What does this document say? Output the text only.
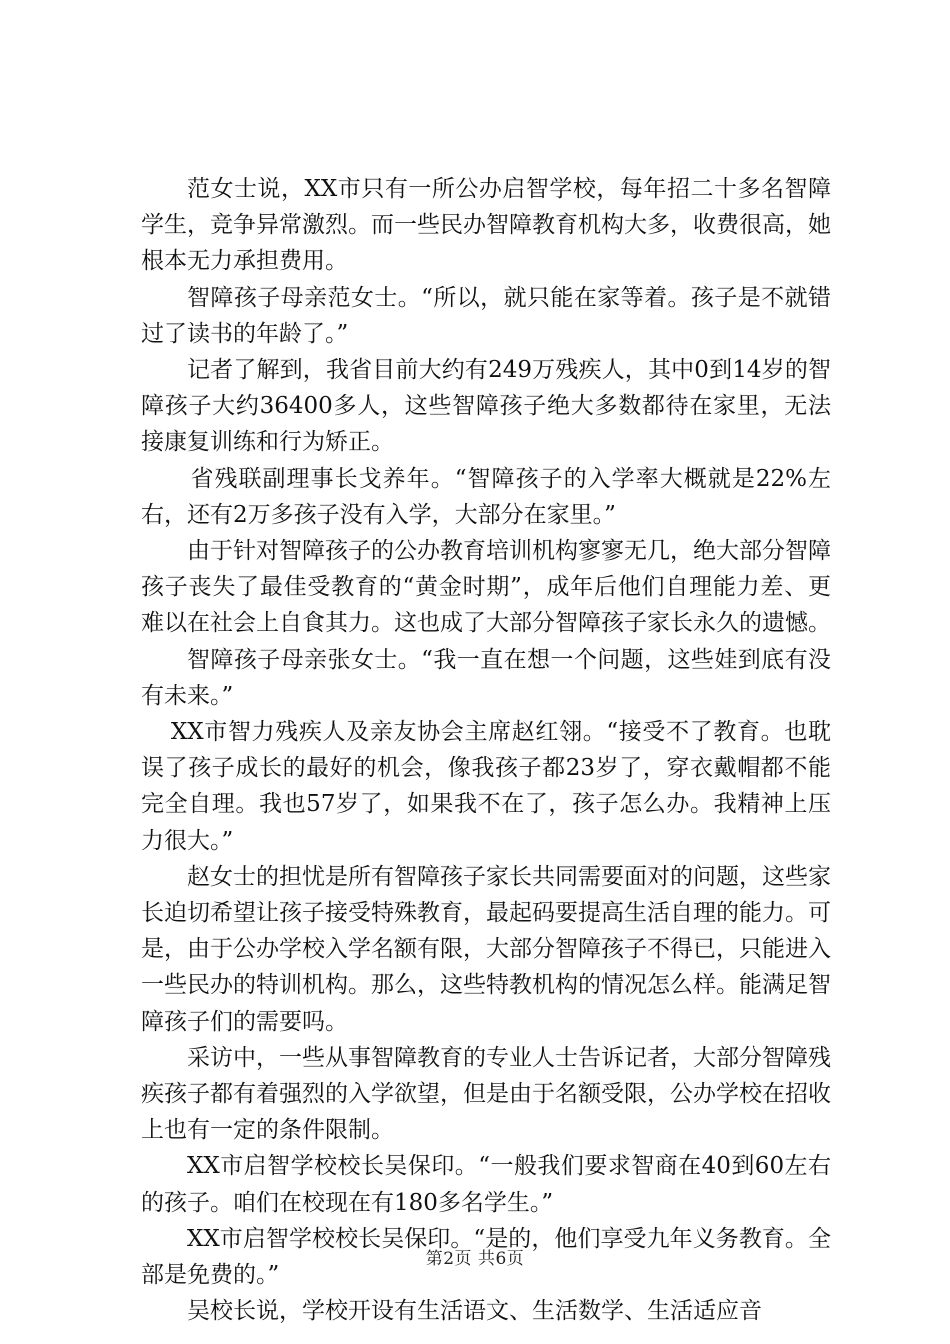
范女士说，XX市只有一所公办启智学校，每年招二十多名智障学生，竞争异常激烈。而一些民办智障教育机构大多，收费很高，她根本无力承担费用。

智障孩子母亲范女士。“所以，就只能在家等着。孩子是不就错过了读书的年龄了。”

记者了解到，我省目前大约有249万残疾人，其中0到14岁的智障孩子大约36400多人，这些智障孩子绝大多数都待在家里，无法接康复训练和行为矫正。

省残联副理事长戈养年。“智障孩子的入学率大概就是22%左右，还有2万多孩子没有入学，大部分在家里。”

由于针对智障孩子的公办教育培训机构寥寥无几，绝大部分智障孩子丧失了最佳受教育的“黄金时期”，成年后他们自理能力差、更难以在社会上自食其力。这也成了大部分智障孩子家长永久的遗憾。

智障孩子母亲张女士。“我一直在想一个问题，这些娃到底有没有未来。”

XX市智力残疾人及亲友协会主席赵红翎。“接受不了教育。也耽误了孩子成长的最好的机会，像我孩子都23岁了，穿衣戴帽都不能完全自理。我也57岁了，如果我不在了，孩子怎么办。我精神上压力很大。”

赵女士的担忧是所有智障孩子家长共同需要面对的问题，这些家长迫切希望让孩子接受特殊教育，最起码要提高生活自理的能力。可是，由于公办学校入学名额有限，大部分智障孩子不得已，只能进入一些民办的特训机构。那么，这些特教机构的情况怎么样。能满足智障孩子们的需要吗。

采访中，一些从事智障教育的专业人士告诉记者，大部分智障残疾孩子都有着强烈的入学欲望，但是由于名额受限，公办学校在招收上也有一定的条件限制。

XX市启智学校校长吴保印。“一般我们要求智商在40到60左右的孩子。咱们在校现在有180多名学生。”

XX市启智学校校长吴保印。“是的，他们享受九年义务教育。全部是免费的。”

吴校长说，学校开设有生活语文、生活数学、生活适应音

第2页 共6页
